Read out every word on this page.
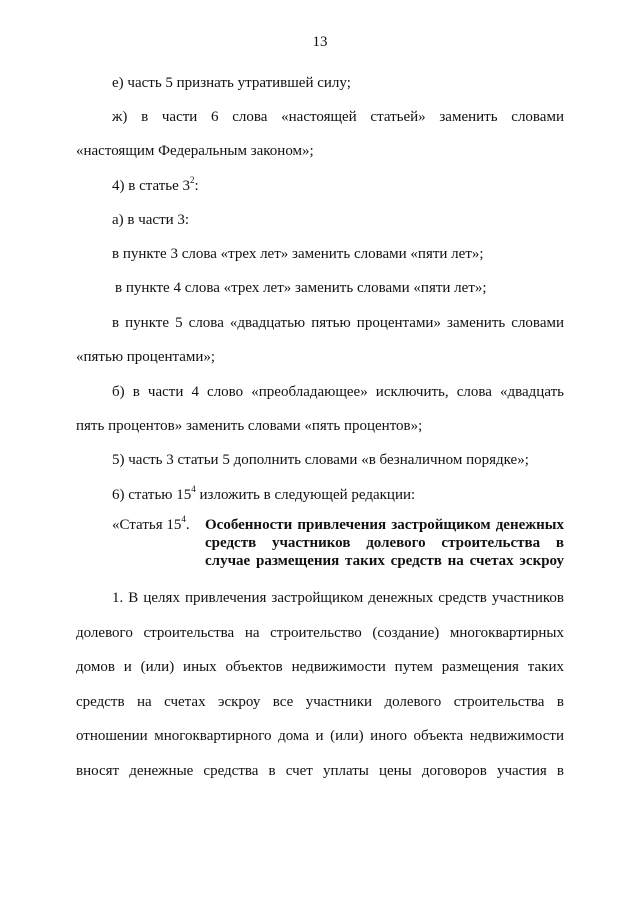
13
е) часть 5 признать утратившей силу;
ж) в части 6 слова «настоящей статьей» заменить словами
«настоящим Федеральным законом»;
4) в статье $3^2$:
а) в части 3:
в пункте 3 слова «трех лет» заменить словами «пяти лет»;
в пункте 4 слова «трех лет» заменить словами «пяти лет»;
в пункте 5 слова «двадцатью пятью процентами» заменить словами
«пятью процентами»;
б) в части 4 слово «преобладающее» исключить, слова «двадцать
пять процентов» заменить словами «пять процентов»;
5) часть 3 статьи 5 дополнить словами «в безналичном порядке»;
6) статью $15^4$ изложить в следующей редакции:
«Статья $15^4$. Особенности привлечения застройщиком денежных
средств участников долевого строительства в
случае размещения таких средств на счетах эскроу
1. В целях привлечения застройщиком денежных средств участников
долевого строительства на строительство (создание) многоквартирных
домов и (или) иных объектов недвижимости путем размещения таких
средств на счетах эскроу все участники долевого строительства в
отношении многоквартирного дома и (или) иного объекта недвижимости
вносят денежные средства в счет уплаты цены договоров участия в
